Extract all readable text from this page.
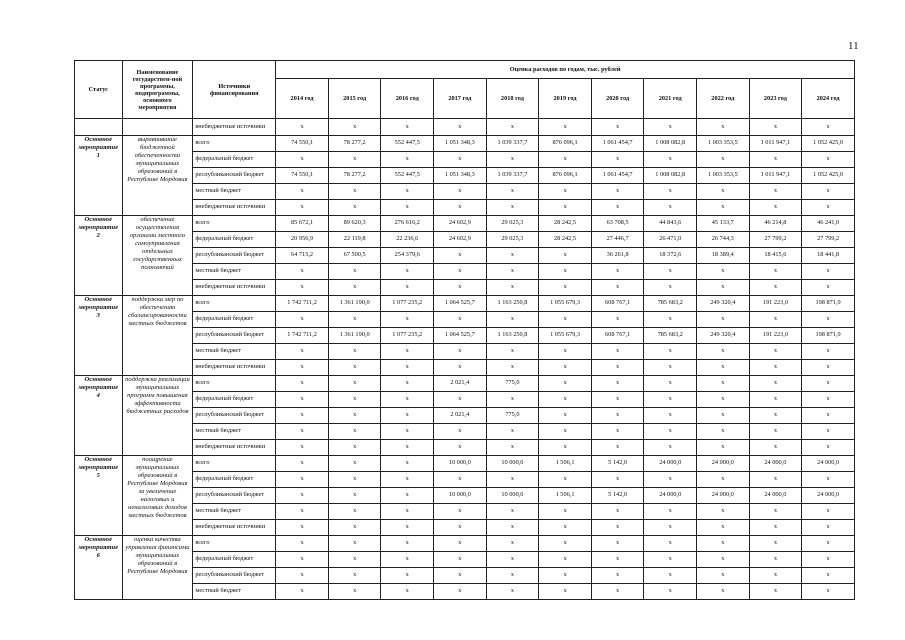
11
Статус	Наименование государствен-ной программы, подпрограммы, основного мероприятия	Источники финансирования	Оценка расходов по годам, тыс. рублей										
			2014 год	2015 год	2016 год	2017 год	2018 год	2019 год	2020 год	2021 год	2022 год	2023 год	2024 год
		внебюджетные источники	x	x	x	x	x	x	x	x	x	x	x
Основное мероприятие 1	выравнивание бюджетной обеспеченности муниципальных образований в Республике Мордовия	всего	74 550,1	78 277,2	552 447,5	1 051 348,3	1 039 337,7	876 096,1	1 061 454,7	1 008 082,8	1 003 353,5	1 011 947,1	1 052 425,0
		федеральный бюджет	x	x	x	x	x	x	x	x	x	x	x
		республиканский бюджет	74 550,1	78 277,2	552 447,5	1 051 348,3	1 039 337,7	876 096,1	1 061 454,7	1 008 082,8	1 003 353,5	1 011 947,1	1 052 425,0
		местный бюджет	x	x	x	x	x	x	x	x	x	x	x
		внебюджетные источники	x	x	x	x	x	x	x	x	x	x	x
Основное мероприятие 2	обеспечение осуществления органами местного самоуправления отдельных государственных полномочий	всего	85 672,1	89 620,3	276 616,2	24 602,9	29 025,3	28 242,5	63 708,5	44 843,6	45 133,7	46 214,8	46 241,0
		федеральный бюджет	20 956,9	22 119,8	22 236,6	24 602,9	29 025,3	28 242,5	27 446,7	26 471,0	26 744,3	27 799,2	27 799,2
		республиканский бюджет	64 715,2	67 500,5	254 379,6	x	x	x	36 261,8	18 372,6	18 389,4	18 415,6	18 441,8
		местный бюджет	x	x	x	x	x	x	x	x	x	x	x
		внебюджетные источники	x	x	x	x	x	x	x	x	x	x	x
Основное мероприятие 3	поддержка мер по обеспечению сбалансированности местных бюджетов	всего	1 742 711,2	1 361 190,0	1 077 235,2	1 064 525,7	1 163 250,8	1 055 679,3	608 767,1	785 683,2	249 320,4	191 223,0	198 871,9
		федеральный бюджет	x	x	x	x	x	x	x	x	x	x	x
		республиканский бюджет	1 742 711,2	1 361 190,0	1 077 235,2	1 064 525,7	1 163 250,8	1 055 679,3	608 767,1	785 683,2	249 320,4	191 223,0	198 871,9
		местный бюджет	x	x	x	x	x	x	x	x	x	x	x
		внебюджетные источники	x	x	x	x	x	x	x	x	x	x	x
Основное мероприятие 4	поддержка реализации муниципальных программ повышения эффективности бюджетных расходов	всего	x	x	x	2 021,4	775,0	x	x	x	x	x	x
		федеральный бюджет	x	x	x	x	x	x	x	x	x	x	x
		республиканский бюджет	x	x	x	2 021,4	775,0	x	x	x	x	x	x
		местный бюджет	x	x	x	x	x	x	x	x	x	x	x
		внебюджетные источники	x	x	x	x	x	x	x	x	x	x	x
Основное мероприятие 5	поощрение муниципальных образований в Республике Мордовия за увеличение налоговых и неналоговых доходов местных бюджетов	всего	x	x	x	10 000,0	10 000,0	1 506,1	5 142,0	24 000,0	24 000,0	24 000,0	24 000,0
		федеральный бюджет	x	x	x	x	x	x	x	x	x	x	x
		республиканский бюджет	x	x	x	10 000,0	10 000,0	1 506,1	5 142,0	24 000,0	24 000,0	24 000,0	24 000,0
		местный бюджет	x	x	x	x	x	x	x	x	x	x	x
		внебюджетные источники	x	x	x	x	x	x	x	x	x	x	x
Основное мероприятие 6	оценка качества управления финансами муниципальных образований в Республике Мордовия	всего	x	x	x	x	x	x	x	x	x	x	x
		федеральный бюджет	x	x	x	x	x	x	x	x	x	x	x
		республиканский бюджет	x	x	x	x	x	x	x	x	x	x	x
		местный бюджет	x	x	x	x	x	x	x	x	x	x	x
